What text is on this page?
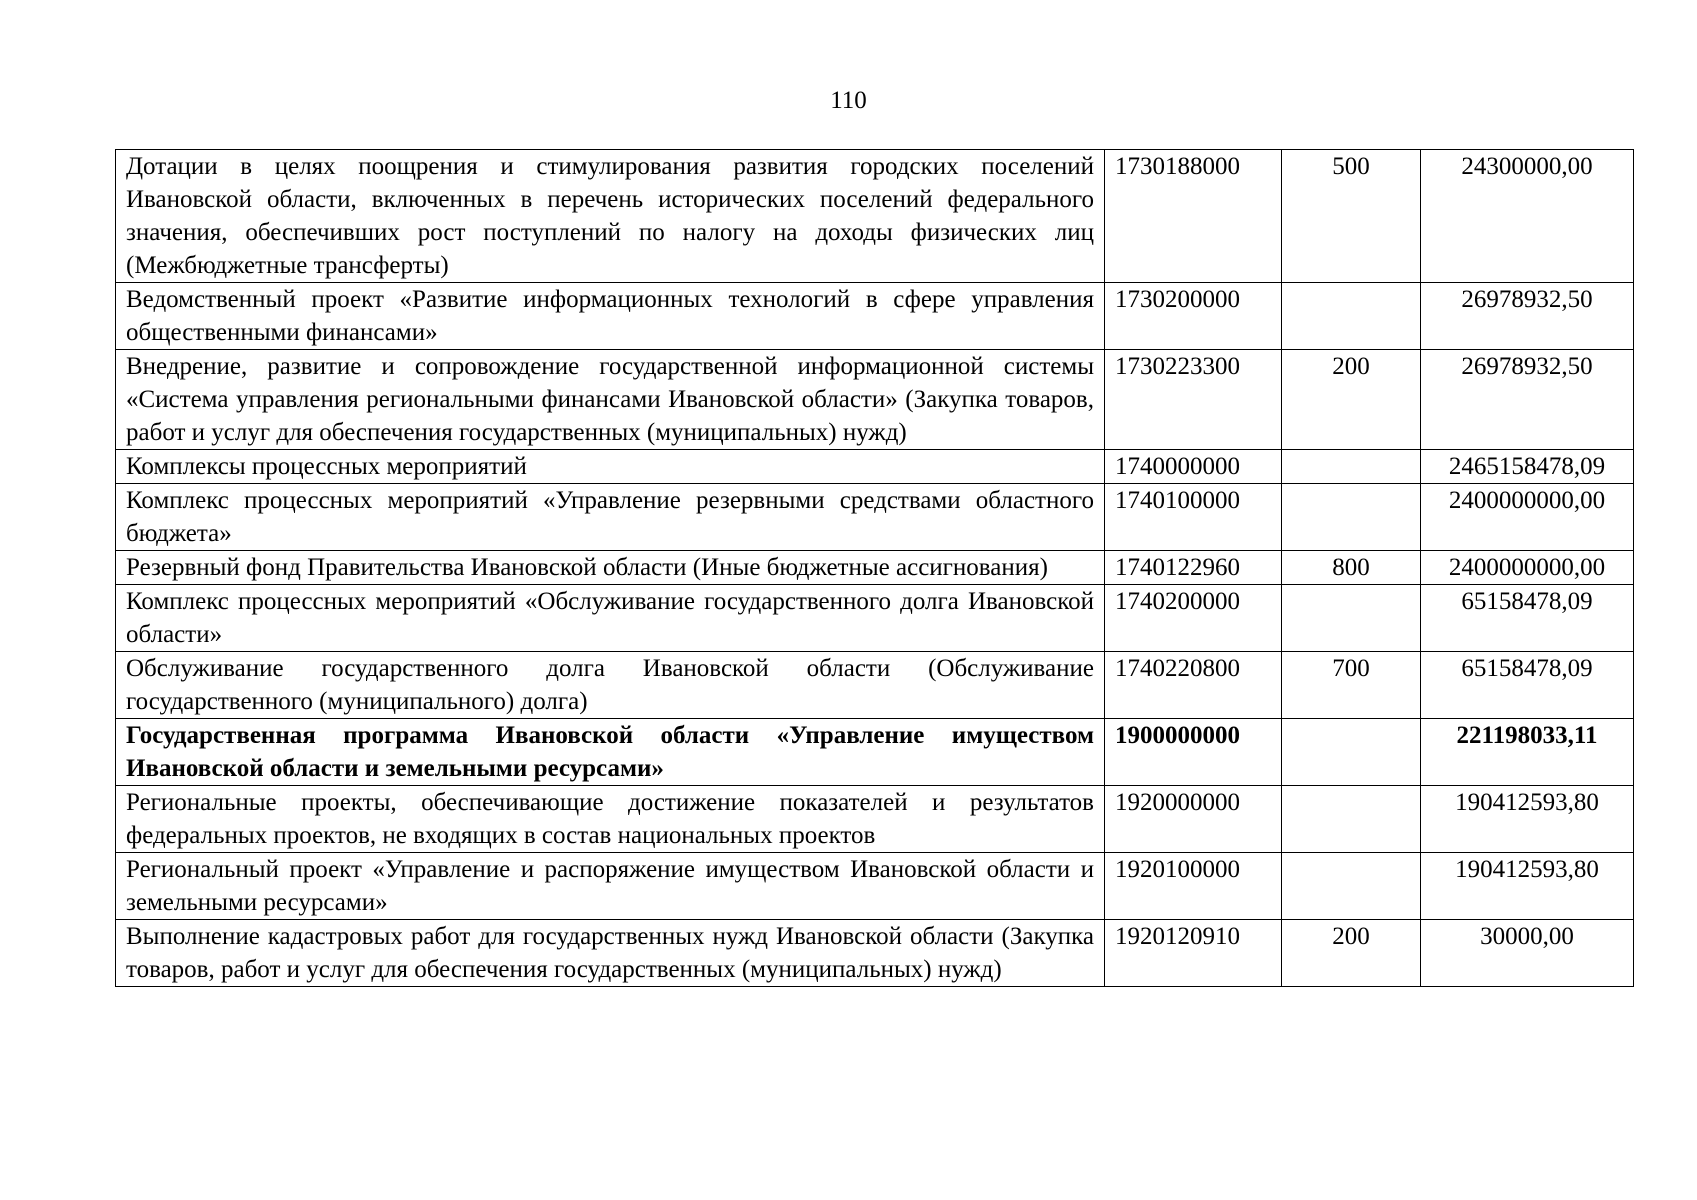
110
Дотации в целях поощрения и стимулирования развития городских поселений Ивановской области, включенных в перечень исторических поселений федерального значения, обеспечивших рост поступлений по налогу на доходы физических лиц (Межбюджетные трансферты)	1730188000	500	24300000,00
Ведомственный проект «Развитие информационных технологий в сфере управления общественными финансами»	1730200000		26978932,50
Внедрение, развитие и сопровождение государственной информационной системы «Система управления региональными финансами Ивановской области» (Закупка товаров, работ и услуг для обеспечения государственных (муниципальных) нужд)	1730223300	200	26978932,50
Комплексы процессных мероприятий	1740000000		2465158478,09
Комплекс процессных мероприятий «Управление резервными средствами областного бюджета»	1740100000		2400000000,00
Резервный фонд Правительства Ивановской области (Иные бюджетные ассигнования)	1740122960	800	2400000000,00
Комплекс процессных мероприятий «Обслуживание государственного долга Ивановской области»	1740200000		65158478,09
Обслуживание государственного долга Ивановской области (Обслуживание государственного (муниципального) долга)	1740220800	700	65158478,09
Государственная программа Ивановской области «Управление имуществом Ивановской области и земельными ресурсами»	1900000000		221198033,11
Региональные проекты, обеспечивающие достижение показателей и результатов федеральных проектов, не входящих в состав национальных проектов	1920000000		190412593,80
Региональный проект «Управление и распоряжение имуществом Ивановской области и земельными ресурсами»	1920100000		190412593,80
Выполнение кадастровых работ для государственных нужд Ивановской области (Закупка товаров, работ и услуг для обеспечения государственных (муниципальных) нужд)	1920120910	200	30000,00
